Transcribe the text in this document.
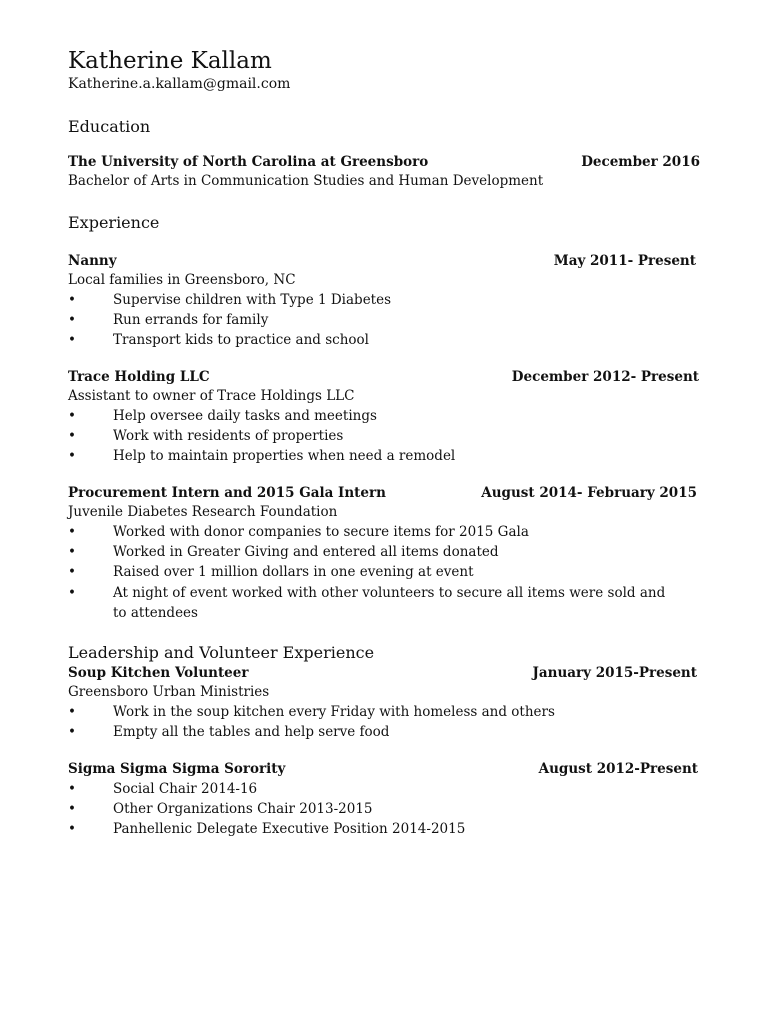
Katherine Kallam
Katherine.a.kallam@gmail.com
Education
The University of North Carolina at Greensboro	December 2016
Bachelor of Arts in Communication Studies and Human Development
Experience
Nanny	May 2011- Present
Local families in Greensboro, NC
•	Supervise children with Type 1 Diabetes
•	Run errands for family
•	Transport kids to practice and school
Trace Holding LLC	December 2012- Present
Assistant to owner of Trace Holdings LLC
•	Help oversee daily tasks and meetings
•	Work with residents of properties
•	Help to maintain properties when need a remodel
Procurement Intern and 2015 Gala Intern	August 2014- February 2015
Juvenile Diabetes Research Foundation
•	Worked with donor companies to secure items for 2015 Gala
•	Worked in Greater Giving and entered all items donated
•	Raised over 1 million dollars in one evening at event
•	At night of event worked with other volunteers to secure all items were sold and to attendees
Leadership and Volunteer Experience
Soup Kitchen Volunteer	January 2015-Present
Greensboro Urban Ministries
•	Work in the soup kitchen every Friday with homeless and others
•	Empty all the tables and help serve food
Sigma Sigma Sigma Sorority	August 2012-Present
•	Social Chair 2014-16
•	Other Organizations Chair 2013-2015
•	Panhellenic Delegate Executive Position 2014-2015
